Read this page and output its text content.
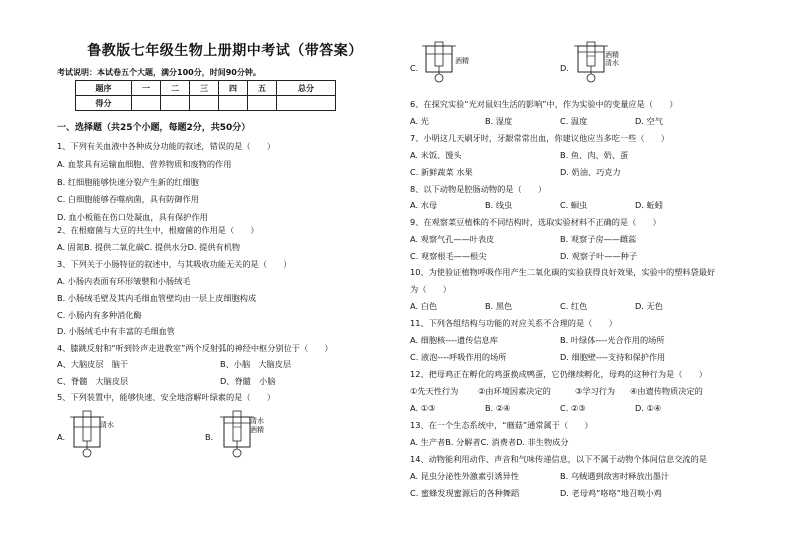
鲁教版七年级生物上册期中考试（带答案）
考试说明：本试卷五个大题，满分100分，时间90分钟。
题序	一	二	三	四	五	总分
得分						
一、选择题（共25个小题，每题2分，共50分）
1、下列有关血液中各种成分功能的叙述，错误的是（　　）
A. 血浆具有运输血细胞、营养物质和废物的作用
B. 红细胞能够快速分裂产生新的红细胞
C. 白细胞能够吞噬病菌，具有防御作用
D. 血小板能在伤口处凝血，具有保护作用
2、在根瘤菌与大豆的共生中，根瘤菌的作用是（　　）
A. 固氮B. 提供二氧化碳C. 提供水分D. 提供有机物
3、下列关于小肠特征的叙述中，与其吸收功能无关的是（　　）
A. 小肠内表面有环形皱襞和小肠绒毛
B. 小肠绒毛壁及其内毛细血管壁均由一层上皮细胞构成
C. 小肠内有多种消化酶
D. 小肠绒毛中有丰富的毛细血管
4、膝跳反射和“听到铃声走进教室”两个反射弧的神经中枢分别位于（　　）
A、大脑皮层　脑干	B、小脑　大脑皮层
C、脊髓　大脑皮层	D、脊髓　小脑
5、下列装置中，能够快速、安全地溶解叶绿素的是（　　）
A.
清水
B.
清水
酒精
C.
酒精
D.
酒精
清水
6、在探究实验“光对鼠妇生活的影响”中，作为实验中的变量应是（　　）
A. 光	B. 湿度	C. 温度	D. 空气
7、小明这几天刷牙时，牙龈常常出血，你建议他应当多吃一些（　　）
A. 米饭、馒头	B. 鱼、肉、奶、蛋
C. 新鲜蔬菜 水果	D. 奶油、巧克力
8、以下动物是腔肠动物的是（　　）
A. 水母	B. 线虫	C. 蛔虫	D. 蚯蚓
9、在观察菜豆植株的不同结构时，选取实验材料不正确的是（　　）
A. 观察气孔——叶表皮	B. 观察子房——雌蕊
C. 观察根毛——根尖	D. 观察子叶——种子
10、为使验证植物呼吸作用产生二氧化碳的实验获得良好效果，实验中的塑料袋最好
为（　　）
A. 白色	B. 黑色	C. 红色	D. 无色
11、下列各组结构与功能的对应关系不合理的是（　　）
A. 细胞核----遗传信息库	B. 叶绿体----光合作用的场所
C. 液泡----呼吸作用的场所	D. 细胞壁----支持和保护作用
12、把母鸡正在孵化的鸡蛋换成鸭蛋，它仍继续孵化，母鸡的这种行为是（　　）
①先天性行为 ②由环境因素决定的	③学习行为 ④由遗传物质决定的
A. ①③	B. ②④	C. ②③	D. ①④
13、在一个生态系统中，“蘑菇”通常属于（　　）
A. 生产者B. 分解者C. 消费者D. 非生物成分
14、动物能利用动作、声音和气味传递信息，以下不属于动物个体间信息交流的是
A. 昆虫分泌性外激素引诱异性	B. 乌贼遇到敌害时释放出墨汁
C. 蜜蜂发现蜜源后的各种舞蹈	D. 老母鸡“咯咯”地召唤小鸡
